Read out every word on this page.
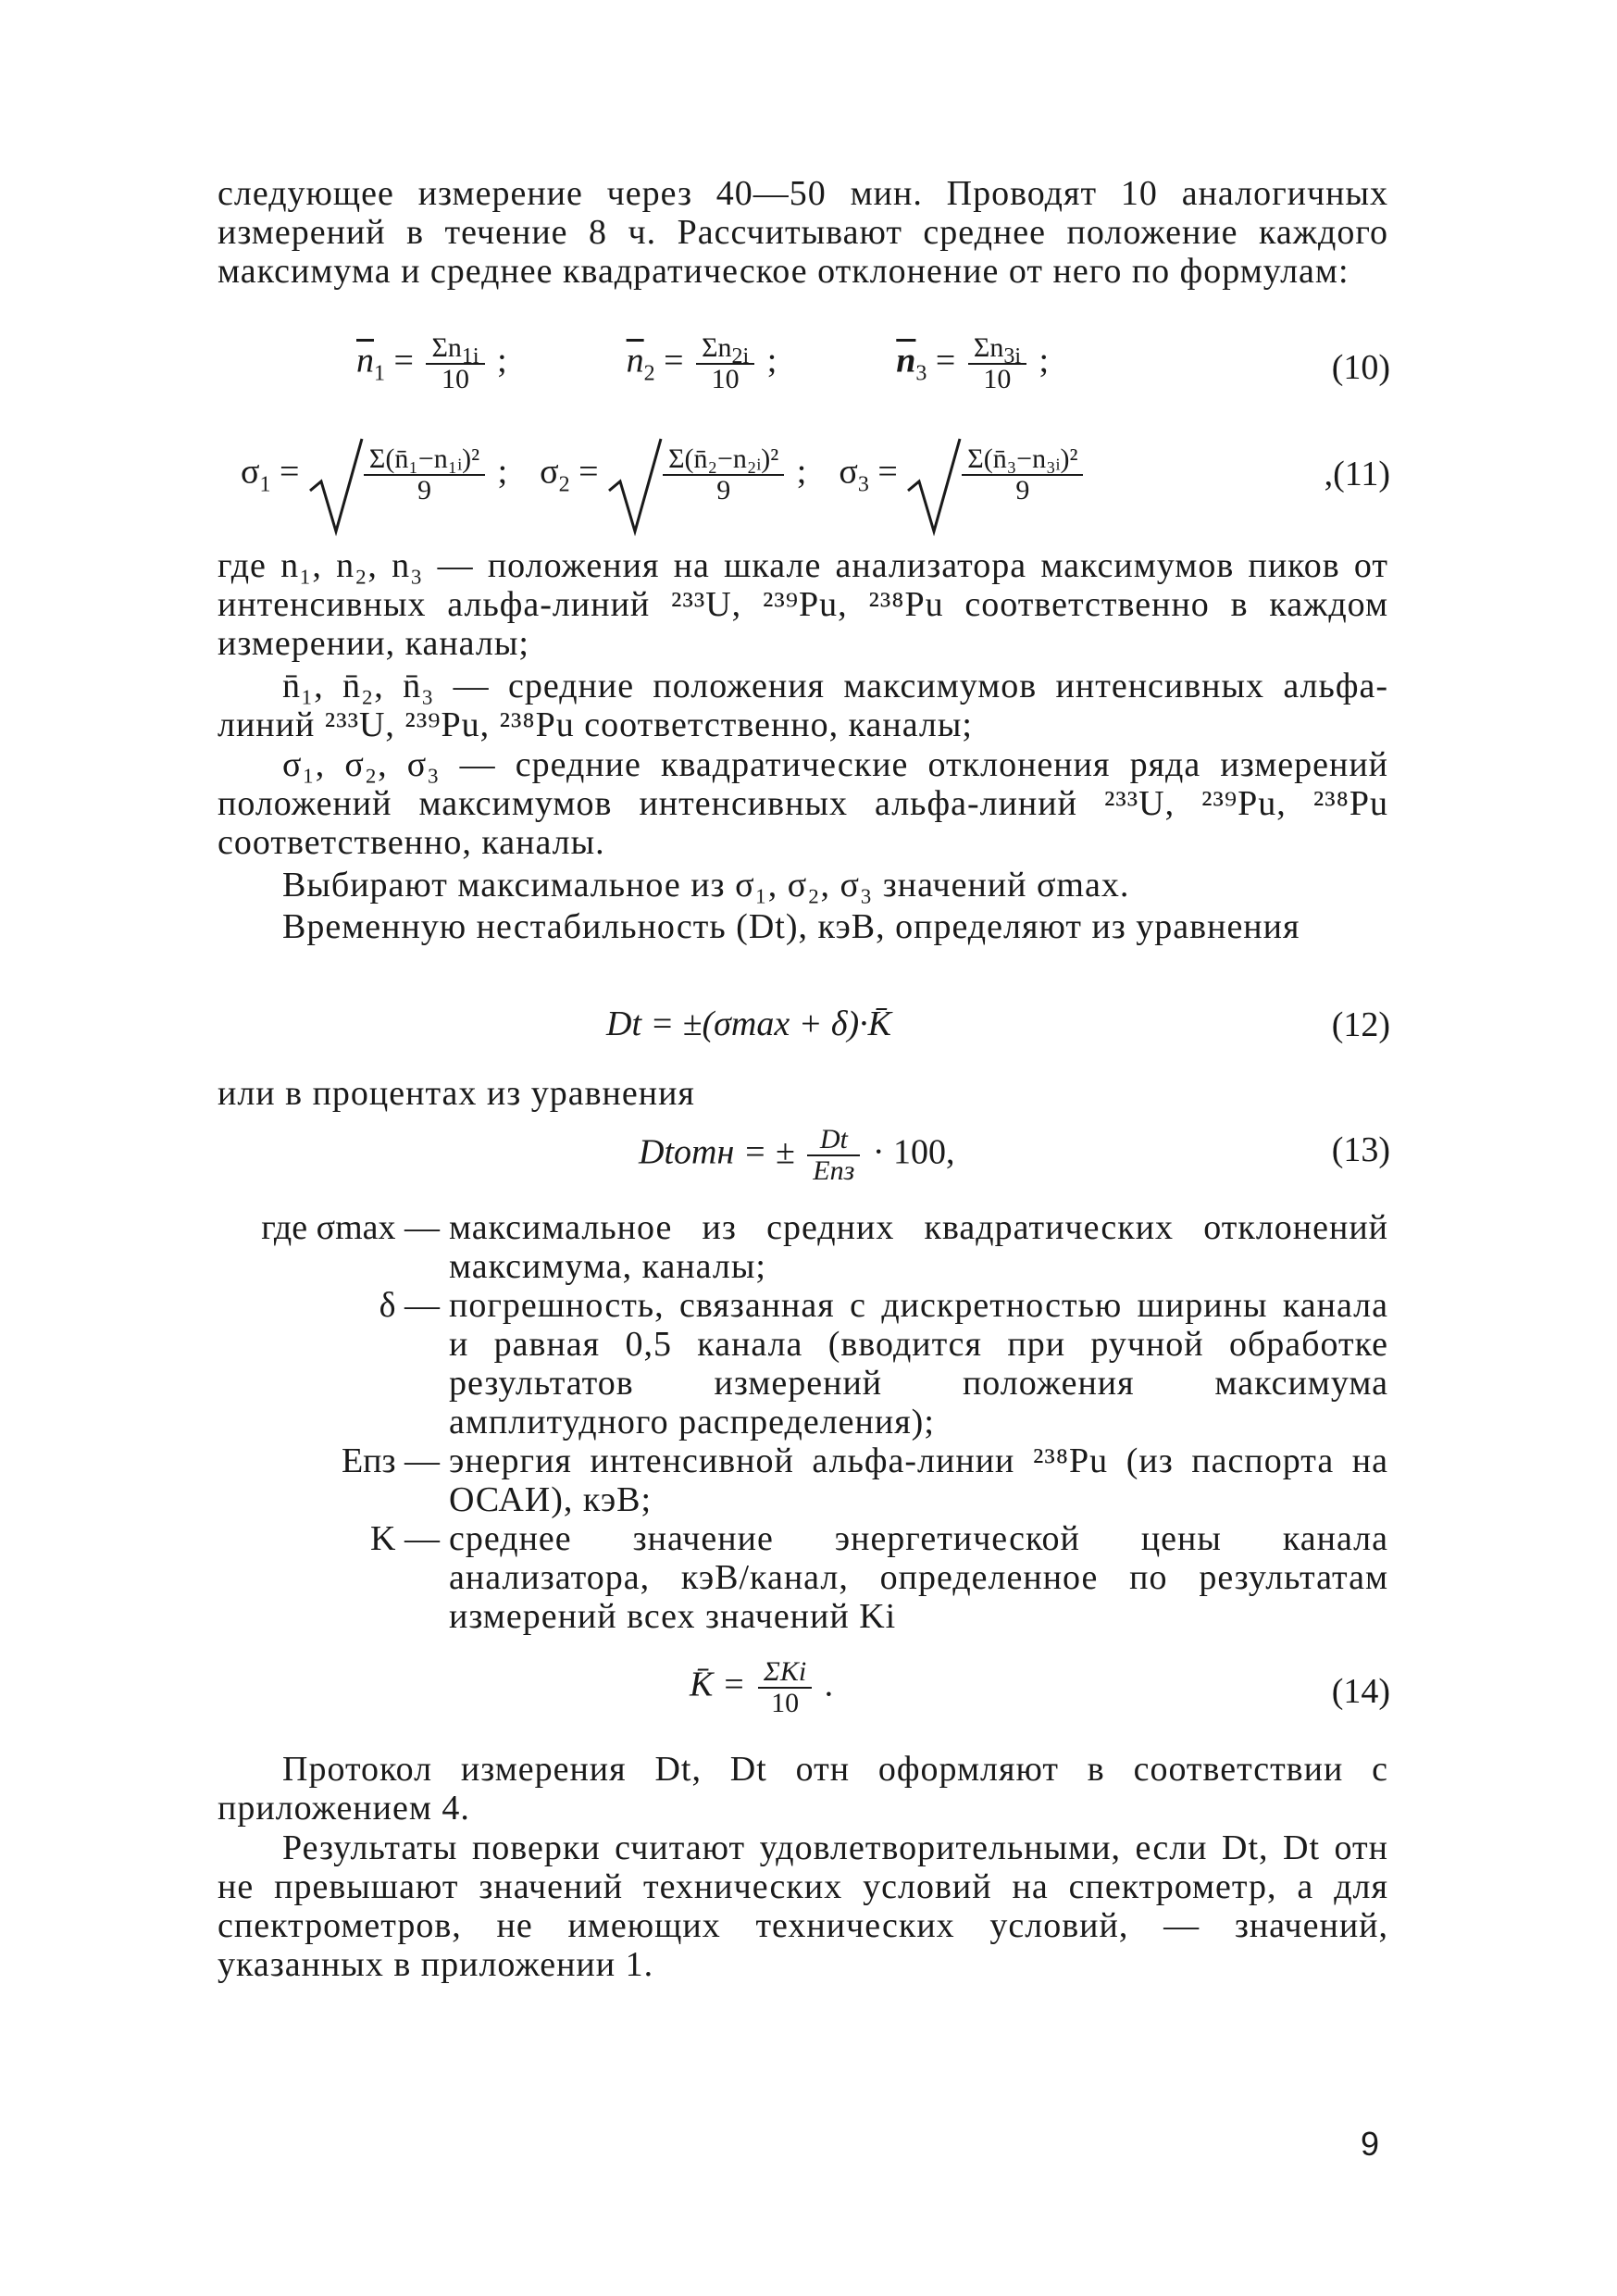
следующее измерение через 40—50 мин. Проводят 10 аналогичных измерений в течение 8 ч. Рассчитывают среднее положение каждого максимума и среднее квадратическое отклонение от него по формулам:
$\overline{n}_1 = \frac{\Sigma n_{1i}}{10}$ ;	$\overline{n}_2 = \frac{\Sigma n_{2i}}{10}$ ;	$\overline{n}_3 = \frac{\Sigma n_{3i}}{10}$ ;	(10)
$\sigma_1 = \frac{\text{Σ(n̄₁−n₁ᵢ)²}}{9}$ ; $\sigma_2 = \frac{\text{Σ(n̄₂−n₂ᵢ)²}}{9}$ ; $\sigma_3 = \frac{\text{Σ(n̄₃−n₃ᵢ)²}}{9}$	,(11)
где n₁, n₂, n₃ — положения на шкале анализатора максимумов пиков от интенсивных альфа-линий ²³³U, ²³⁹Pu, ²³⁸Pu соответственно в каждом измерении, каналы;
n̄₁, n̄₂, n̄₃ — средние положения максимумов интенсивных альфа-линий ²³³U, ²³⁹Pu, ²³⁸Pu соответственно, каналы;
σ₁, σ₂, σ₃ — средние квадратические отклонения ряда измерений положений максимумов интенсивных альфа-линий ²³³U, ²³⁹Pu, ²³⁸Pu соответственно, каналы.
Выбирают максимальное из σ₁, σ₂, σ₃ значений σmax.
Временную нестабильность (Dt), кэВ, определяют из уравнения
Dt = ±(σmax + δ)·K̄	(12)
или в процентах из уравнения
Dtотн = ± $\frac{Dt}{\text{Eпз}} \cdot 100$,	(13)
где σmax — максимальное из средних квадратических отклонений максимума, каналы;
δ — погрешность, связанная с дискретностью ширины канала и равная 0,5 канала (вводится при ручной обработке результатов измерений положения максимума амплитудного распределения);
Eпз — энергия интенсивной альфа-линии ²³⁸Pu (из паспорта на ОСАИ), кэВ;
K — среднее значение энергетической цены канала анализатора, кэВ/канал, определенное по результатам измерений всех значений Ki
K̄ = $\frac{\text{ΣKi}}{10}$ .	(14)
Протокол измерения Dt, Dt отн оформляют в соответствии с приложением 4.
Результаты поверки считают удовлетворительными, если Dt, Dt отн не превышают значений технических условий на спектрометр, а для спектрометров, не имеющих технических условий, — значений, указанных в приложении 1.
9
